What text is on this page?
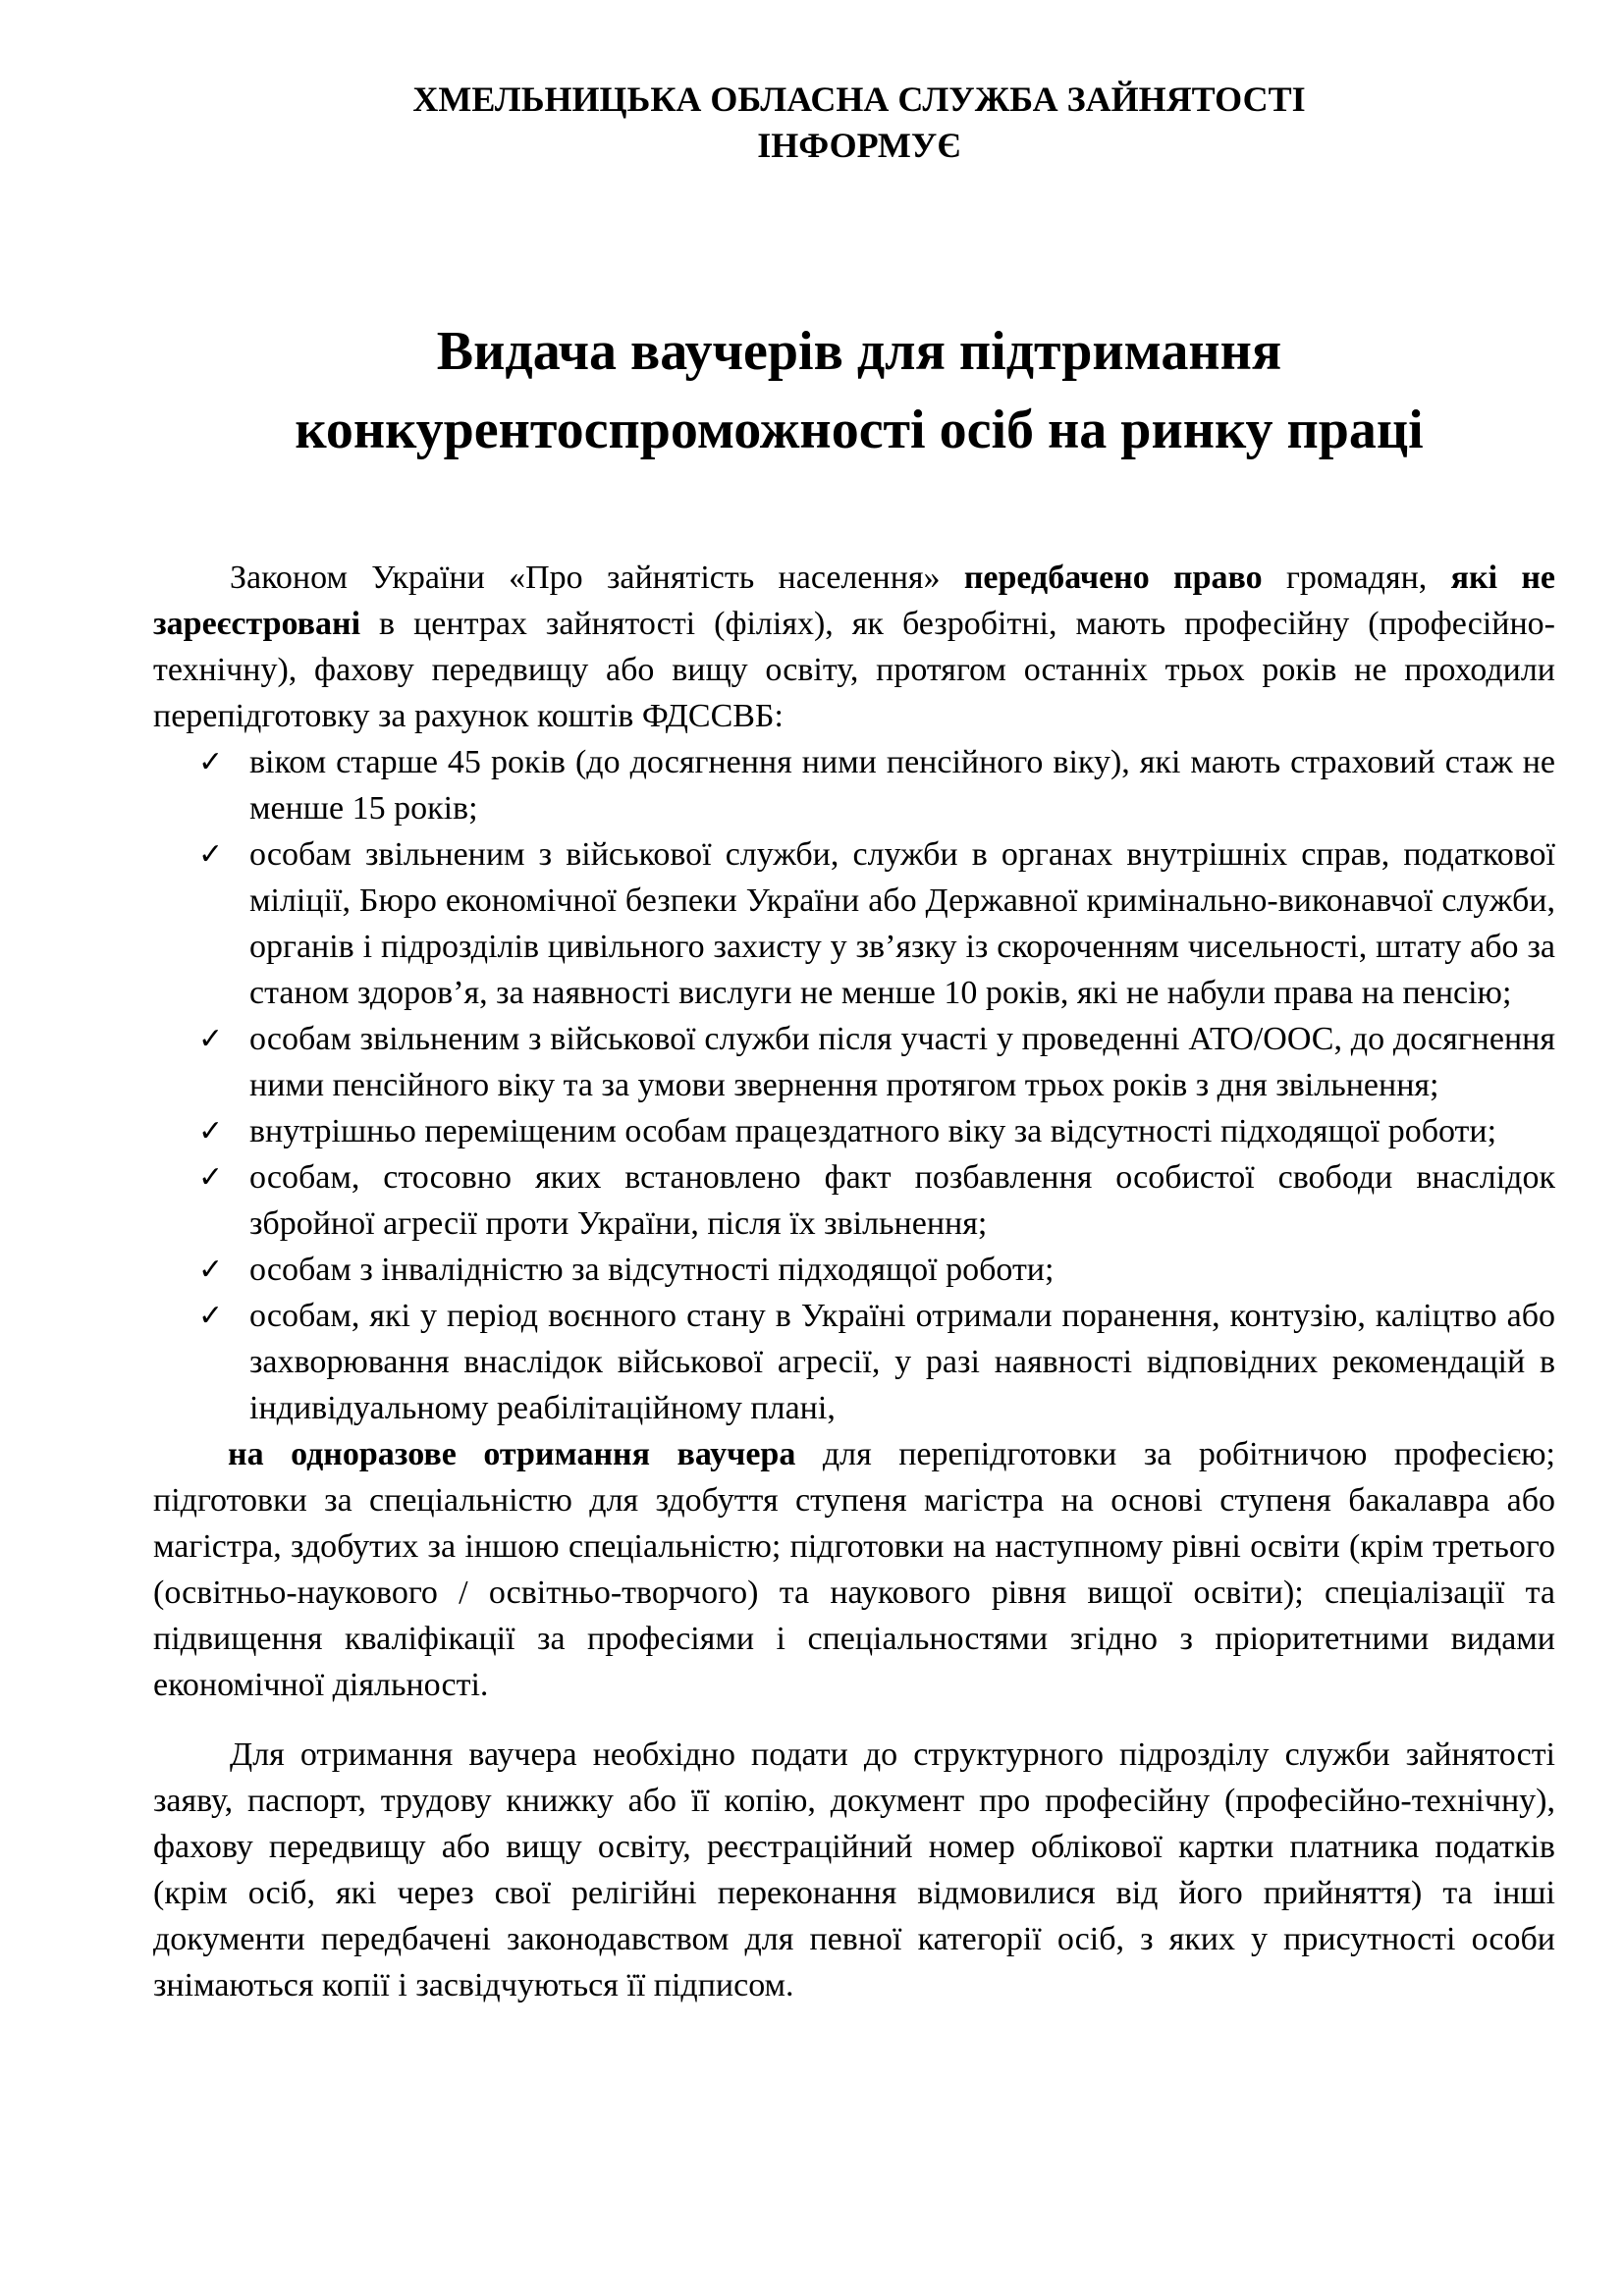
ХМЕЛЬНИЦЬКА ОБЛАСНА СЛУЖБА ЗАЙНЯТОСТІ
ІНФОРМУЄ
Видача ваучерів для підтримання
конкурентоспроможності осіб на ринку праці

Законом України «Про зайнятість населення» передбачено право громадян, які не зареєстровані в центрах зайнятості (філіях), як безробітні, мають професійну (професійно-технічну), фахову передвищу або вищу освіту, протягом останніх трьох років не проходили перепідготовку за рахунок коштів ФДССВБ:

✓ віком старше 45 років (до досягнення ними пенсійного віку), які мають страховий стаж не менше 15 років;
✓ особам звільненим з військової служби, служби в органах внутрішніх справ, податкової міліції, Бюро економічної безпеки України або Державної кримінально-виконавчої служби, органів і підрозділів цивільного захисту у зв’язку із скороченням чисельності, штату або за станом здоров’я, за наявності вислуги не менше 10 років, які не набули права на пенсію;
✓ особам звільненим з військової служби після участі у проведенні АТО/ООС, до досягнення ними пенсійного віку та за умови звернення протягом трьох років з дня звільнення;
✓ внутрішньо переміщеним особам працездатного віку за відсутності підходящої роботи;
✓ особам, стосовно яких встановлено факт позбавлення особистої свободи внаслідок збройної агресії проти України, після їх звільнення;
✓ особам з інвалідністю за відсутності підходящої роботи;
✓ особам, які у період воєнного стану в Україні отримали поранення, контузію, каліцтво або захворювання внаслідок військової агресії, у разі наявності відповідних рекомендацій в індивідуальному реабілітаційному плані,

на одноразове отримання ваучера для перепідготовки за робітничою професією; підготовки за спеціальністю для здобуття ступеня магістра на основі ступеня бакалавра або магістра, здобутих за іншою спеціальністю; підготовки на наступному рівні освіти (крім третього (освітньо-наукового / освітньо-творчого) та наукового рівня вищої освіти); спеціалізації та підвищення кваліфікації за професіями і спеціальностями згідно з пріоритетними видами економічної діяльності.

Для отримання ваучера необхідно подати до структурного підрозділу служби зайнятості заяву, паспорт, трудову книжку або її копію, документ про професійну (професійно-технічну), фахову передвищу або вищу освіту, реєстраційний номер облікової картки платника податків (крім осіб, які через свої релігійні переконання відмовилися від його прийняття) та інші документи передбачені законодавством для певної категорії осіб, з яких у присутності особи знімаються копії і засвідчуються її підписом.
